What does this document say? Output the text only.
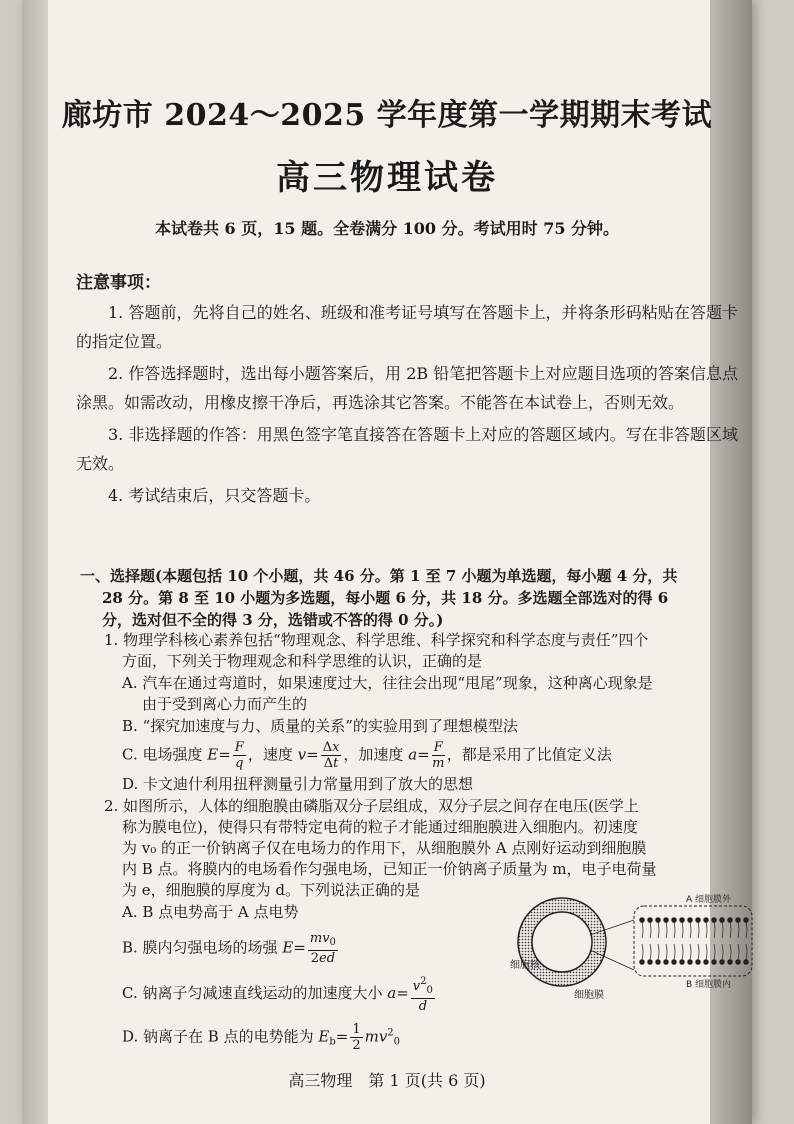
廊坊市 2024～2025 学年度第一学期期末考试
高三物理试卷
本试卷共 6 页，15 题。全卷满分 100 分。考试用时 75 分钟。
注意事项：

1. 答题前，先将自己的姓名、班级和准考证号填写在答题卡上，并将条形码粘贴在答题卡的指定位置。

2. 作答选择题时，选出每小题答案后，用 2B 铅笔把答题卡上对应题目选项的答案信息点涂黑。如需改动，用橡皮擦干净后，再选涂其它答案。不能答在本试卷上，否则无效。

3. 非选择题的作答：用黑色签字笔直接答在答题卡上对应的答题区域内。写在非答题区域无效。

4. 考试结束后，只交答题卡。

一、选择题(本题包括 10 个小题，共 46 分。第 1 至 7 小题为单选题，每小题 4 分，共
28 分。第 8 至 10 小题为多选题，每小题 6 分，共 18 分。多选题全部选对的得 6
分，选对但不全的得 3 分，选错或不答的得 0 分。)

1. 物理学科核心素养包括“物理观念、科学思维、科学探究和科学态度与责任”四个
方面，下列关于物理观念和科学思维的认识，正确的是

A. 汽车在通过弯道时，如果速度过大，往往会出现“甩尾”现象，这种离心现象是
由于受到离心力而产生的
B. “探究加速度与力、质量的关系”的实验用到了理想模型法
C. 电场强度 $E= \frac{F}{q}$ ，速度 $v= \frac{\Delta x}{\Delta t}$ ，加速度 $a= \frac{F}{m}$ ，都是采用了比值定义法
D. 卡文迪什利用扭秤测量引力常量用到了放大的思想

2. 如图所示，人体的细胞膜由磷脂双分子层组成，双分子层之间存在电压(医学上
称为膜电位)，使得只有带特定电荷的粒子才能通过细胞膜进入细胞内。初速度
为 v₀ 的正一价钠离子仅在电场力的作用下，从细胞膜外 A 点刚好运动到细胞膜
内 B 点。将膜内的电场看作匀强电场，已知正一价钠离子质量为 m，电子电荷量
为 e，细胞膜的厚度为 d。下列说法正确的是

A. B 点电势高于 A 点电势
B. 膜内匀强电场的场强 $E= \frac{mv_0}{2ed}$
C. 钠离子匀减速直线运动的加速度大小 $a= \frac{v^2_0}{d}$
D. 钠离子在 B 点的电势能为 $E_b= \frac{1}{2} mv^2_0$
A 细胞膜外
B 细胞膜内
细胞核
细胞膜
高三物理　第 1 页(共 6 页)
